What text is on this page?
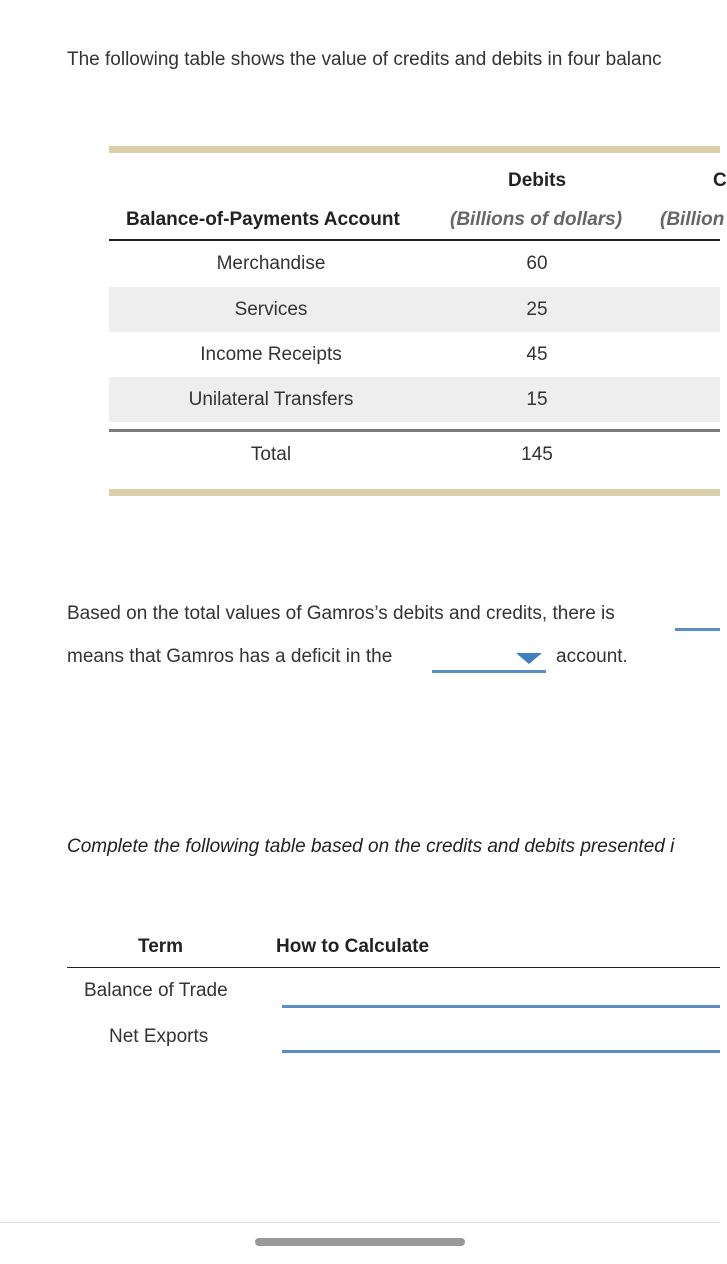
The following table shows the value of credits and debits in four balanc
Debits	C
Balance-of-Payments Account	(Billions of dollars) (Billion
Merchandise	60
Services	25
Income Receipts	45
Unilateral Transfers	15
Total	145
Based on the total values of Gamros’s debits and credits, there is
means that Gamros has a deficit in the	account.
Complete the following table based on the credits and debits presented i
Term	How to Calculate
Balance of Trade
Net Exports
